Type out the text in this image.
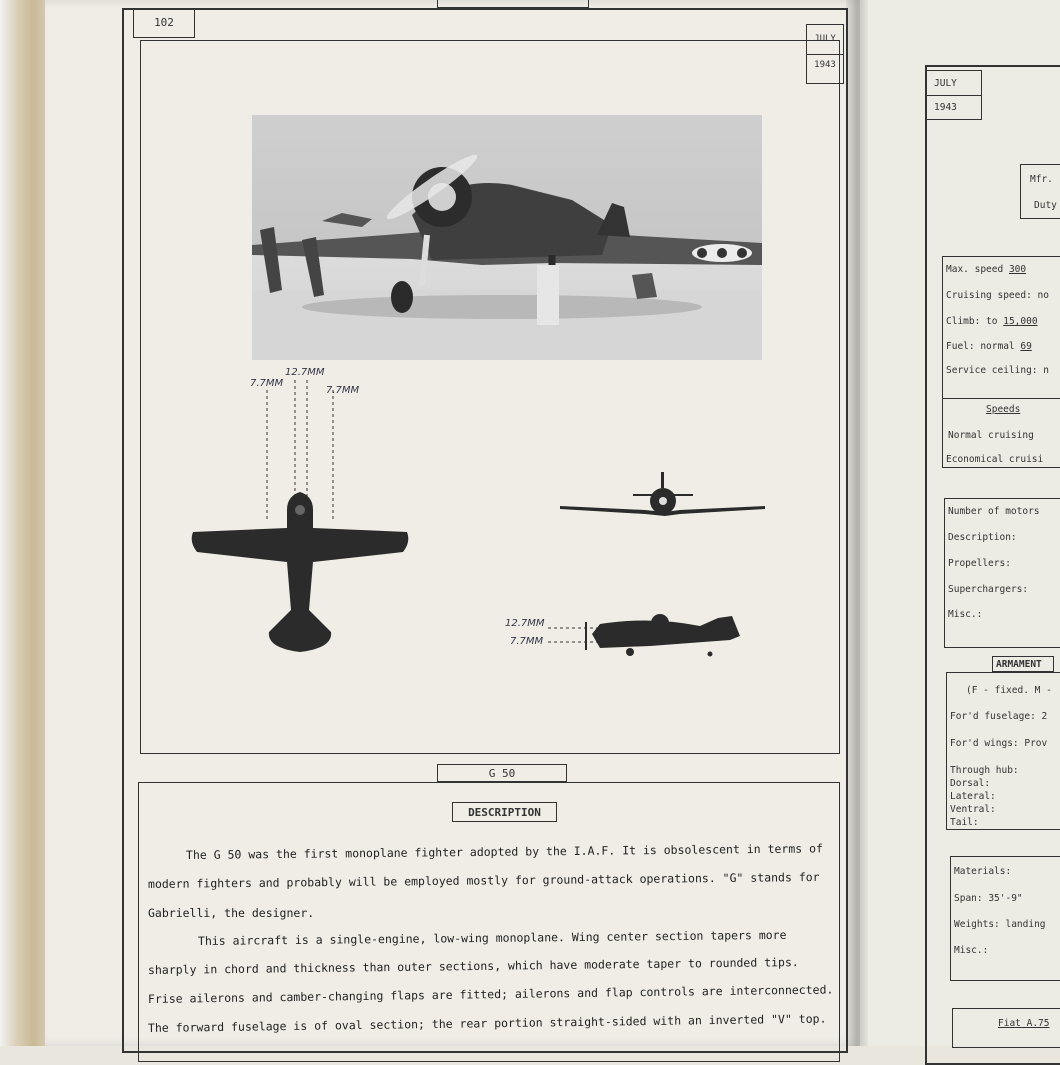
102
JULY
1943
7.7MM
12.7MM
7.7MM
12.7MM
7.7MM
G 50
DESCRIPTION
The G 50 was the first monoplane fighter adopted by the I.A.F. It is obsolescent in terms of
modern fighters and probably will be employed mostly for ground-attack operations. "G" stands for
Gabrielli, the designer.
This aircraft is a single-engine, low-wing monoplane. Wing center section tapers more
sharply in chord and thickness than outer sections, which have moderate taper to rounded tips.
Frise ailerons and camber-changing flaps are fitted; ailerons and flap controls are interconnected.
The forward fuselage is of oval section; the rear portion straight-sided with an inverted "V" top.
JULY
1943
Mfr.
Duty
Max. speed 300
Cruising speed: no
Climb: to 15,000
Fuel: normal 69
Service ceiling: n
Speeds
Normal cruising
Economical cruisi
Number of motors
Description:
Propellers:
Superchargers:
Misc.:
ARMAMENT
(F - fixed. M -
For'd fuselage: 2
For'd wings: Prov
Through hub:
Dorsal:
Lateral:
Ventral:
Tail:
Materials:
Span: 35'-9"
Weights: landing
Misc.:
Fiat A.75
